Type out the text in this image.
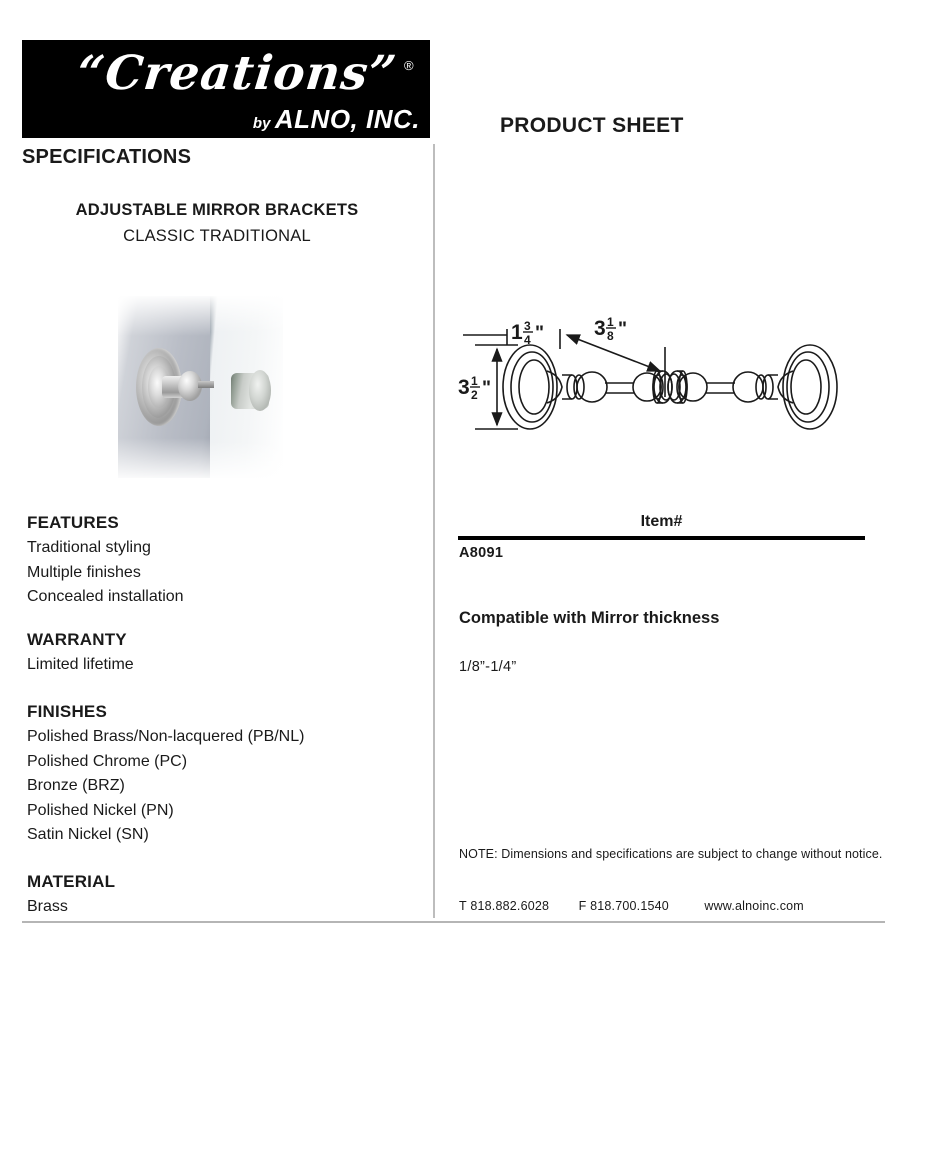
“Creations” ®
by ALNO, INC.	PRODUCT SHEET
SPECIFICATIONS
ADJUSTABLE MIRROR BRACKETS
CLASSIC TRADITIONAL
FEATURES
Traditional styling
Multiple finishes
Concealed installation
WARRANTY
Limited lifetime
FINISHES
Polished Brass/Non-lacquered (PB/NL)
Polished Chrome (PC)
Bronze (BRZ)
Polished Nickel (PN)
Satin Nickel (SN)
MATERIAL
Brass
3 1
2 "
1 3
4 " 3 1
8 "
Item#
A8091
Compatible with Mirror thickness
1/8”-1/4”
NOTE: Dimensions and specifications are subject to change without notice.
T 818.882.6028 F 818.700.1540	www.alnoinc.com
